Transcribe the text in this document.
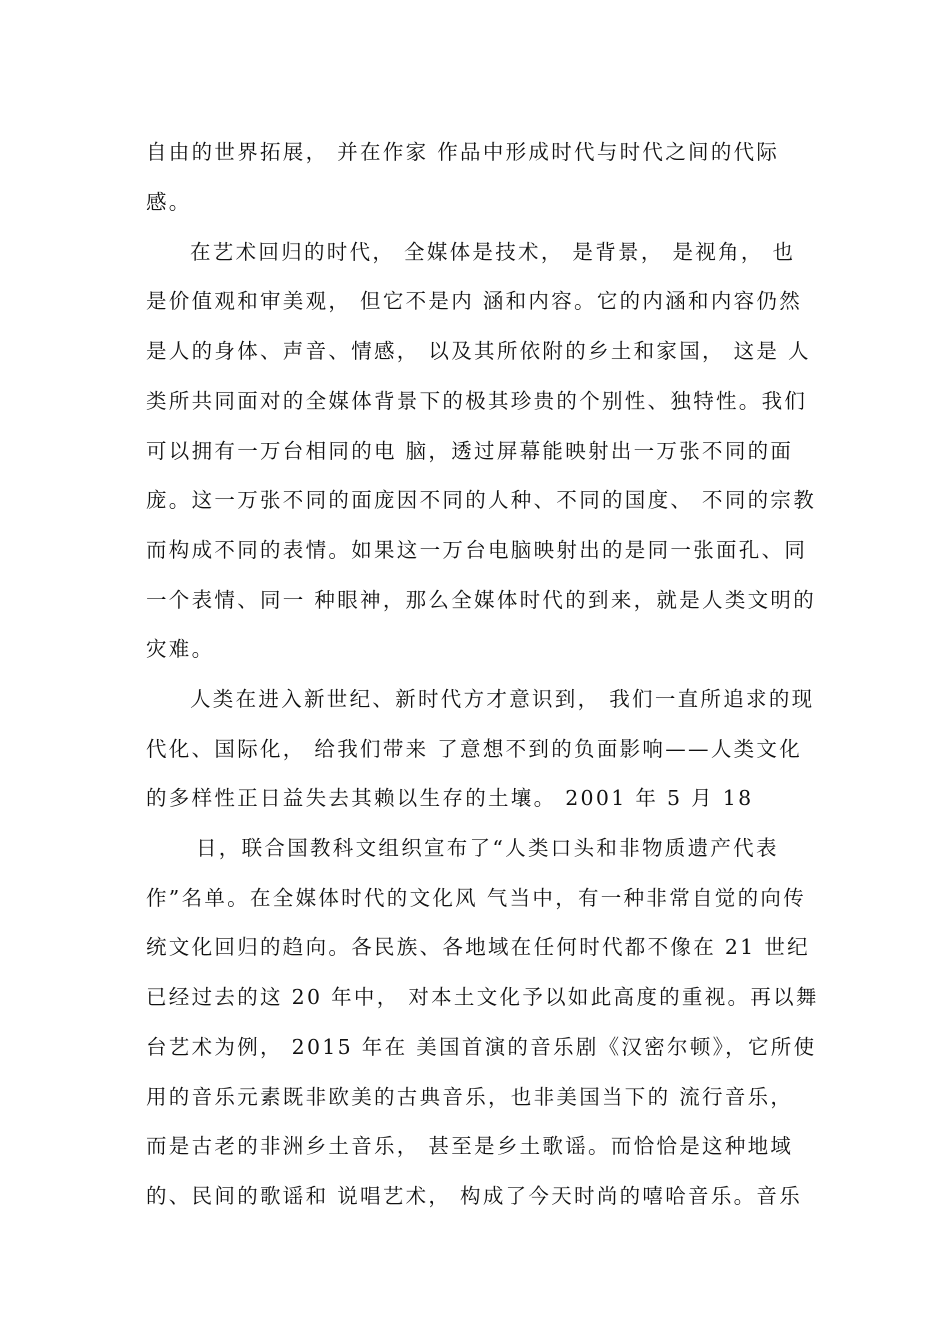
自由的世界拓展， 并在作家 作品中形成时代与时代之间的代际
感。
在艺术回归的时代， 全媒体是技术， 是背景， 是视角， 也
是价值观和审美观， 但它不是内 涵和内容。它的内涵和内容仍然
是人的身体、声音、情感， 以及其所依附的乡土和家国， 这是 人
类所共同面对的全媒体背景下的极其珍贵的个别性、独特性。我们
可以拥有一万台相同的电 脑，透过屏幕能映射出一万张不同的面
庞。这一万张不同的面庞因不同的人种、不同的国度、 不同的宗教
而构成不同的表情。如果这一万台电脑映射出的是同一张面孔、同
一个表情、同一 种眼神，那么全媒体时代的到来，就是人类文明的
灾难。
人类在进入新世纪、新时代方才意识到， 我们一直所追求的现
代化、国际化， 给我们带来 了意想不到的负面影响——人类文化
的多样性正日益失去其赖以生存的土壤。 2001 年 5 月 18
日，联合国教科文组织宣布了“人类口头和非物质遗产代表
作”名单。在全媒体时代的文化风 气当中，有一种非常自觉的向传
统文化回归的趋向。各民族、各地域在任何时代都不像在 21 世纪
已经过去的这 20 年中， 对本土文化予以如此高度的重视。再以舞
台艺术为例， 2015 年在 美国首演的音乐剧《汉密尔顿》，它所使
用的音乐元素既非欧美的古典音乐，也非美国当下的 流行音乐，
而是古老的非洲乡土音乐， 甚至是乡土歌谣。而恰恰是这种地域
的、民间的歌谣和 说唱艺术， 构成了今天时尚的嘻哈音乐。音乐
